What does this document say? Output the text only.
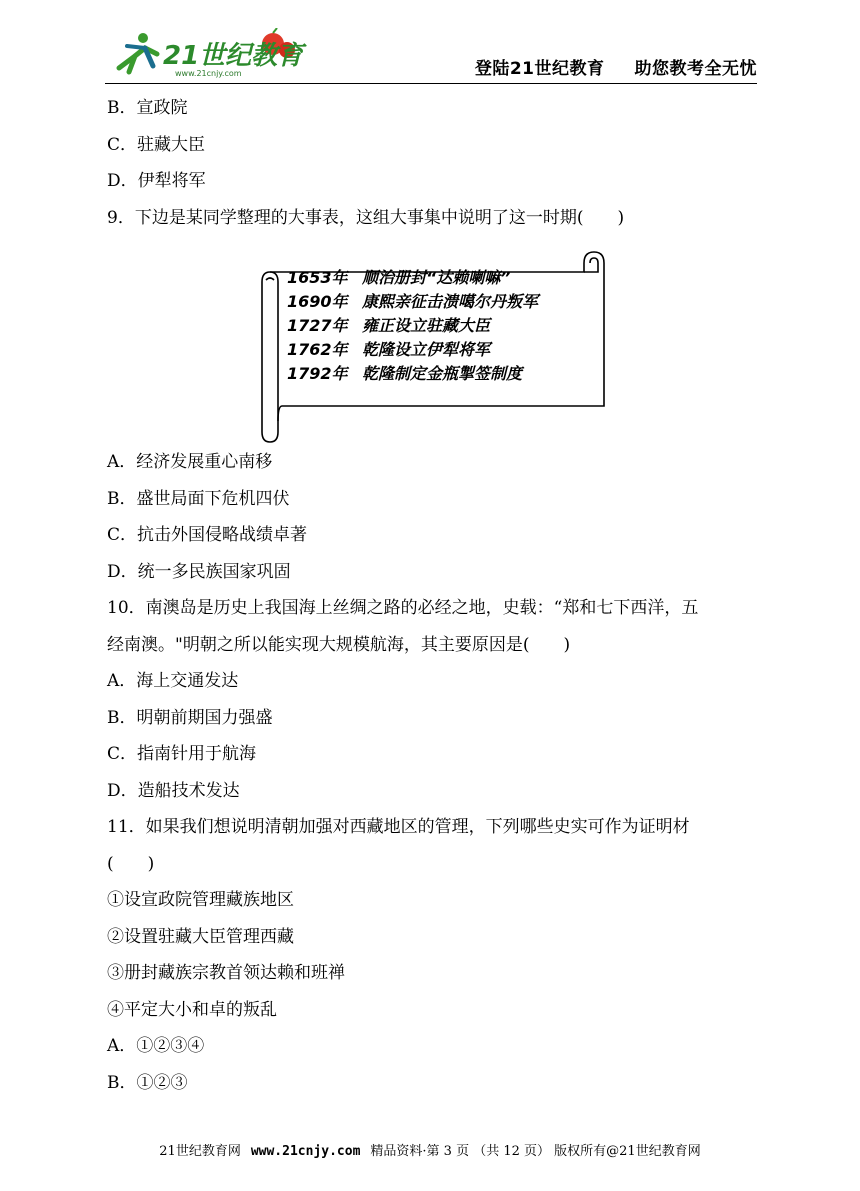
21世纪教育
www.21cnjy.com	登陆21世纪教育 助您教考全无忧
B．宣政院
C．驻藏大臣
D．伊犁将军
9．下边是某同学整理的大事表，这组大事集中说明了这一时期(　　)
1653年 顺治册封“达赖喇嘛”
1690年 康熙亲征击溃噶尔丹叛军
1727年 雍正设立驻藏大臣
1762年 乾隆设立伊犁将军
1792年 乾隆制定金瓶掣签制度
A．经济发展重心南移
B．盛世局面下危机四伏
C．抗击外国侵略战绩卓著
D．统一多民族国家巩固
10．南澳岛是历史上我国海上丝绸之路的必经之地，史载：“郑和七下西洋，五
经南澳。"明朝之所以能实现大规模航海，其主要原因是(　　)
A．海上交通发达
B．明朝前期国力强盛
C．指南针用于航海
D．造船技术发达
11．如果我们想说明清朝加强对西藏地区的管理，下列哪些史实可作为证明材
(　　)
①设宣政院管理藏族地区
②设置驻藏大臣管理西藏
③册封藏族宗教首领达赖和班禅
④平定大小和卓的叛乱
A．①②③④
B．①②③
21世纪教育网 www.21cnjy.com 精品资料·第 3 页 （共 12 页） 版权所有@21世纪教育网
